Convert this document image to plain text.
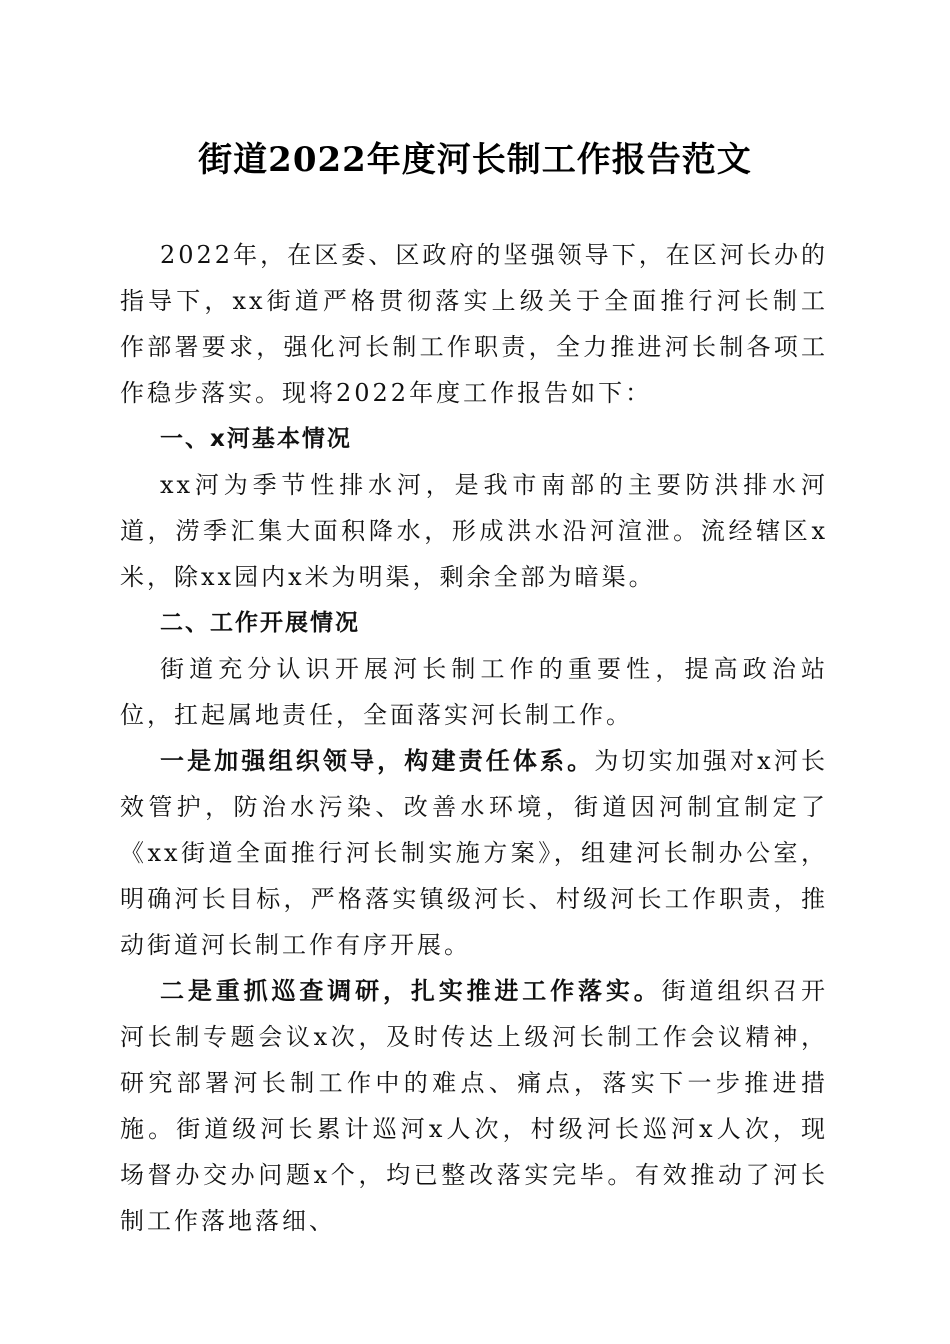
街道2022年度河长制工作报告范文

2022年，在区委、区政府的坚强领导下，在区河长办的指导下，xx街道严格贯彻落实上级关于全面推行河长制工作部署要求，强化河长制工作职责，全力推进河长制各项工作稳步落实。现将2022年度工作报告如下：

一、x河基本情况

xx河为季节性排水河，是我市南部的主要防洪排水河道，涝季汇集大面积降水，形成洪水沿河渲泄。流经辖区x米，除xx园内x米为明渠，剩余全部为暗渠。

二、工作开展情况

街道充分认识开展河长制工作的重要性，提高政治站位，扛起属地责任，全面落实河长制工作。

一是加强组织领导，构建责任体系。为切实加强对x河长效管护，防治水污染、改善水环境，街道因河制宜制定了《xx街道全面推行河长制实施方案》，组建河长制办公室，明确河长目标，严格落实镇级河长、村级河长工作职责，推动街道河长制工作有序开展。

二是重抓巡查调研，扎实推进工作落实。街道组织召开河长制专题会议x次，及时传达上级河长制工作会议精神，研究部署河长制工作中的难点、痛点，落实下一步推进措施。街道级河长累计巡河x人次，村级河长巡河x人次，现场督办交办问题x个，均已整改落实完毕。有效推动了河长制工作落地落细、
